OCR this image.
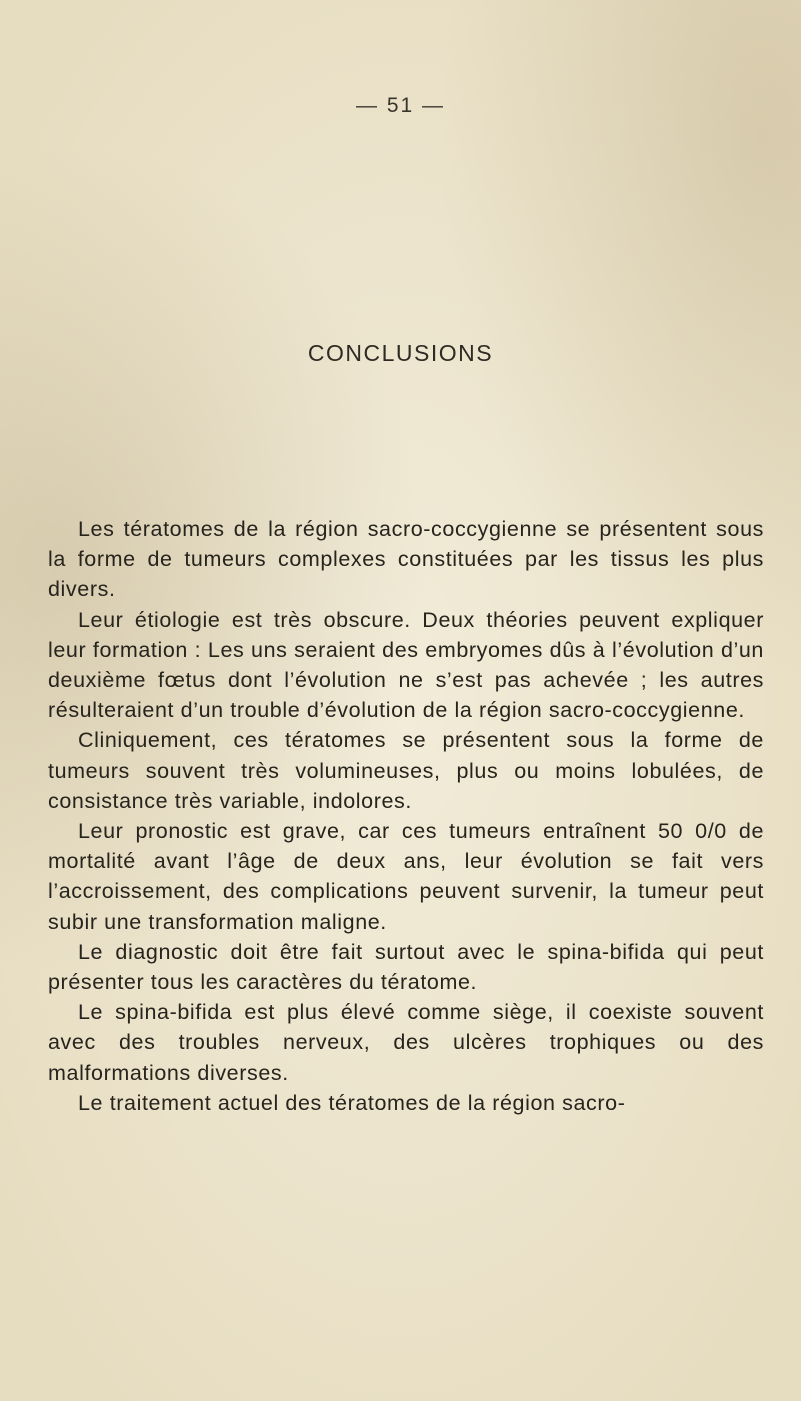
— 51 —
CONCLUSIONS

Les tératomes de la région sacro-coccygienne se présentent sous la forme de tumeurs complexes constituées par les tissus les plus divers.

Leur étiologie est très obscure. Deux théories peuvent expliquer leur formation : Les uns seraient des embryomes dûs à l’évolution d’un deuxième fœtus dont l’évolution ne s’est pas achevée ; les autres résulteraient d’un trouble d’évolution de la région sacro-coccygienne.

Cliniquement, ces tératomes se présentent sous la forme de tumeurs souvent très volumineuses, plus ou moins lobulées, de consistance très variable, indolores.

Leur pronostic est grave, car ces tumeurs entraînent 50 0/0 de mortalité avant l’âge de deux ans, leur évolution se fait vers l’accroissement, des complications peuvent survenir, la tumeur peut subir une transformation maligne.

Le diagnostic doit être fait surtout avec le spina-bifida qui peut présenter tous les caractères du tératome.

Le spina-bifida est plus élevé comme siège, il coexiste souvent avec des troubles nerveux, des ulcères trophiques ou des malformations diverses.

Le traitement actuel des tératomes de la région sacro-
